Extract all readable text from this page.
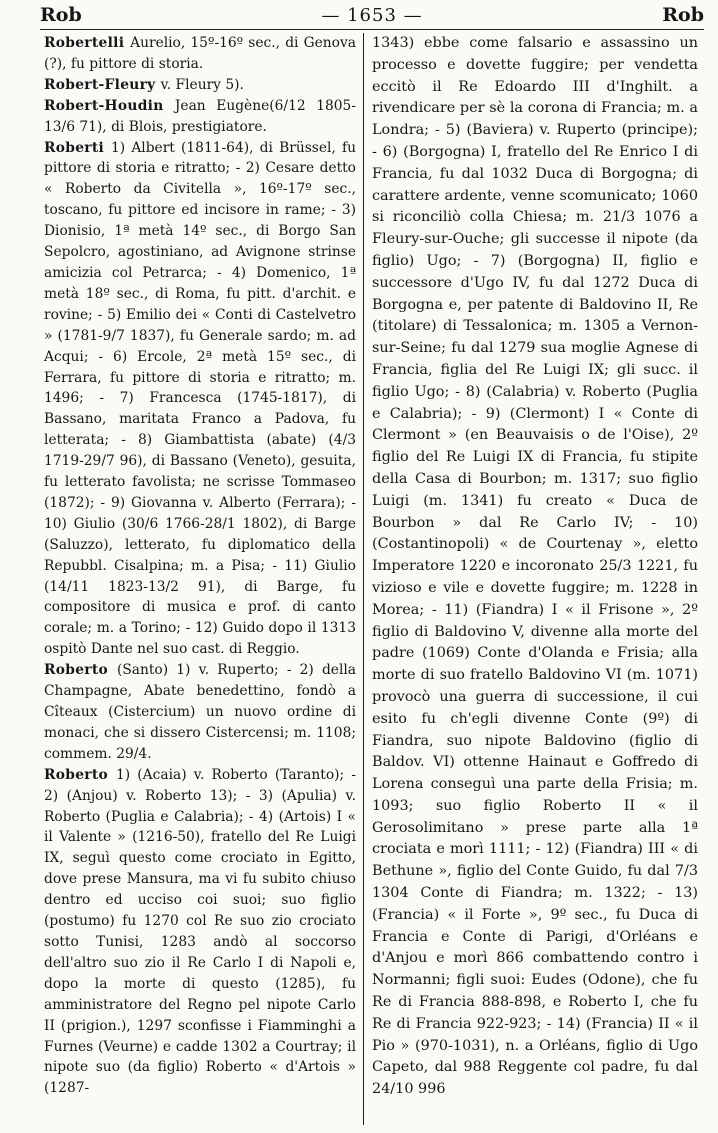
Rob	— 1653 —	Rob

Robertelli Aurelio, 15º-16º sec., di Genova (?), fu pittore di storia.

Robert-Fleury v. Fleury 5).

Robert-Houdin Jean Eugène(6/12 1805-13/6 71), di Blois, prestigiatore.

Roberti 1) Albert (1811-64), di Brüssel, fu pittore di storia e ritratto; - 2) Cesare detto « Roberto da Civitella », 16º-17º sec., toscano, fu pittore ed incisore in rame; - 3) Dionisio, 1ª metà 14º sec., di Borgo San Sepolcro, agostiniano, ad Avignone strinse amicizia col Petrarca; - 4) Domenico, 1ª metà 18º sec., di Roma, fu pitt. d'archit. e rovine; - 5) Emilio dei « Conti di Castelvetro » (1781-9/7 1837), fu Generale sardo; m. ad Acqui; - 6) Ercole, 2ª metà 15º sec., di Ferrara, fu pittore di storia e ritratto; m. 1496; - 7) Francesca (1745-1817), di Bassano, maritata Franco a Padova, fu letterata; - 8) Giambattista (abate) (4/3 1719-29/7 96), di Bassano (Veneto), gesuita, fu letterato favolista; ne scrisse Tommaseo (1872); - 9) Giovanna v. Alberto (Ferrara); - 10) Giulio (30/6 1766-28/1 1802), di Barge (Saluzzo), letterato, fu diplomatico della Repubbl. Cisalpina; m. a Pisa; - 11) Giulio (14/11 1823-13/2 91), di Barge, fu compositore di musica e prof. di canto corale; m. a Torino; - 12) Guido dopo il 1313 ospitò Dante nel suo cast. di Reggio.

Roberto (Santo) 1) v. Ruperto; - 2) della Champagne, Abate benedettino, fondò a Cîteaux (Cistercium) un nuovo ordine di monaci, che si dissero Cistercensi; m. 1108; commem. 29/4.

Roberto 1) (Acaia) v. Roberto (Taranto); - 2) (Anjou) v. Roberto 13); - 3) (Apulia) v. Roberto (Puglia e Calabria); - 4) (Artois) I « il Valente » (1216-50), fratello del Re Luigi IX, seguì questo come crociato in Egitto, dove prese Mansura, ma vi fu subito chiuso dentro ed ucciso coi suoi; suo figlio (postumo) fu 1270 col Re suo zio crociato sotto Tunisi, 1283 andò al soccorso dell'altro suo zio il Re Carlo I di Napoli e, dopo la morte di questo (1285), fu amministratore del Regno pel nipote Carlo II (prigion.), 1297 sconfisse i Fiamminghi a Furnes (Veurne) e cadde 1302 a Courtray; il nipote suo (da figlio) Roberto « d'Artois » (1287-

1343) ebbe come falsario e assassino un processo e dovette fuggire; per vendetta eccitò il Re Edoardo III d'Inghilt. a rivendicare per sè la corona di Francia; m. a Londra; - 5) (Baviera) v. Ruperto (principe); - 6) (Borgogna) I, fratello del Re Enrico I di Francia, fu dal 1032 Duca di Borgogna; di carattere ardente, venne scomunicato; 1060 si riconciliò colla Chiesa; m. 21/3 1076 a Fleury-sur-Ouche; gli successe il nipote (da figlio) Ugo; - 7) (Borgogna) II, figlio e successore d'Ugo IV, fu dal 1272 Duca di Borgogna e, per patente di Baldovino II, Re (titolare) di Tessalonica; m. 1305 a Vernon-sur-Seine; fu dal 1279 sua moglie Agnese di Francia, figlia del Re Luigi IX; gli succ. il figlio Ugo; - 8) (Calabria) v. Roberto (Puglia e Calabria); - 9) (Clermont) I « Conte di Clermont » (en Beauvaisis o de l'Oise), 2º figlio del Re Luigi IX di Francia, fu stipite della Casa di Bourbon; m. 1317; suo figlio Luigi (m. 1341) fu creato « Duca de Bourbon » dal Re Carlo IV; - 10) (Costantinopoli) « de Courtenay », eletto Imperatore 1220 e incoronato 25/3 1221, fu vizioso e vile e dovette fuggire; m. 1228 in Morea; - 11) (Fiandra) I « il Frisone », 2º figlio di Baldovino V, divenne alla morte del padre (1069) Conte d'Olanda e Frisia; alla morte di suo fratello Baldovino VI (m. 1071) provocò una guerra di successione, il cui esito fu ch'egli divenne Conte (9º) di Fiandra, suo nipote Baldovino (figlio di Baldov. VI) ottenne Hainaut e Goffredo di Lorena conseguì una parte della Frisia; m. 1093; suo figlio Roberto II « il Gerosolimitano » prese parte alla 1ª crociata e morì 1111; - 12) (Fiandra) III « di Bethune », figlio del Conte Guido, fu dal 7/3 1304 Conte di Fiandra; m. 1322; - 13) (Francia) « il Forte », 9º sec., fu Duca di Francia e Conte di Parigi, d'Orléans e d'Anjou e morì 866 combattendo contro i Normanni; figli suoi: Eudes (Odone), che fu Re di Francia 888-898, e Roberto I, che fu Re di Francia 922-923; - 14) (Francia) II « il Pio » (970-1031), n. a Orléans, figlio di Ugo Capeto, dal 988 Reggente col padre, fu dal 24/10 996
